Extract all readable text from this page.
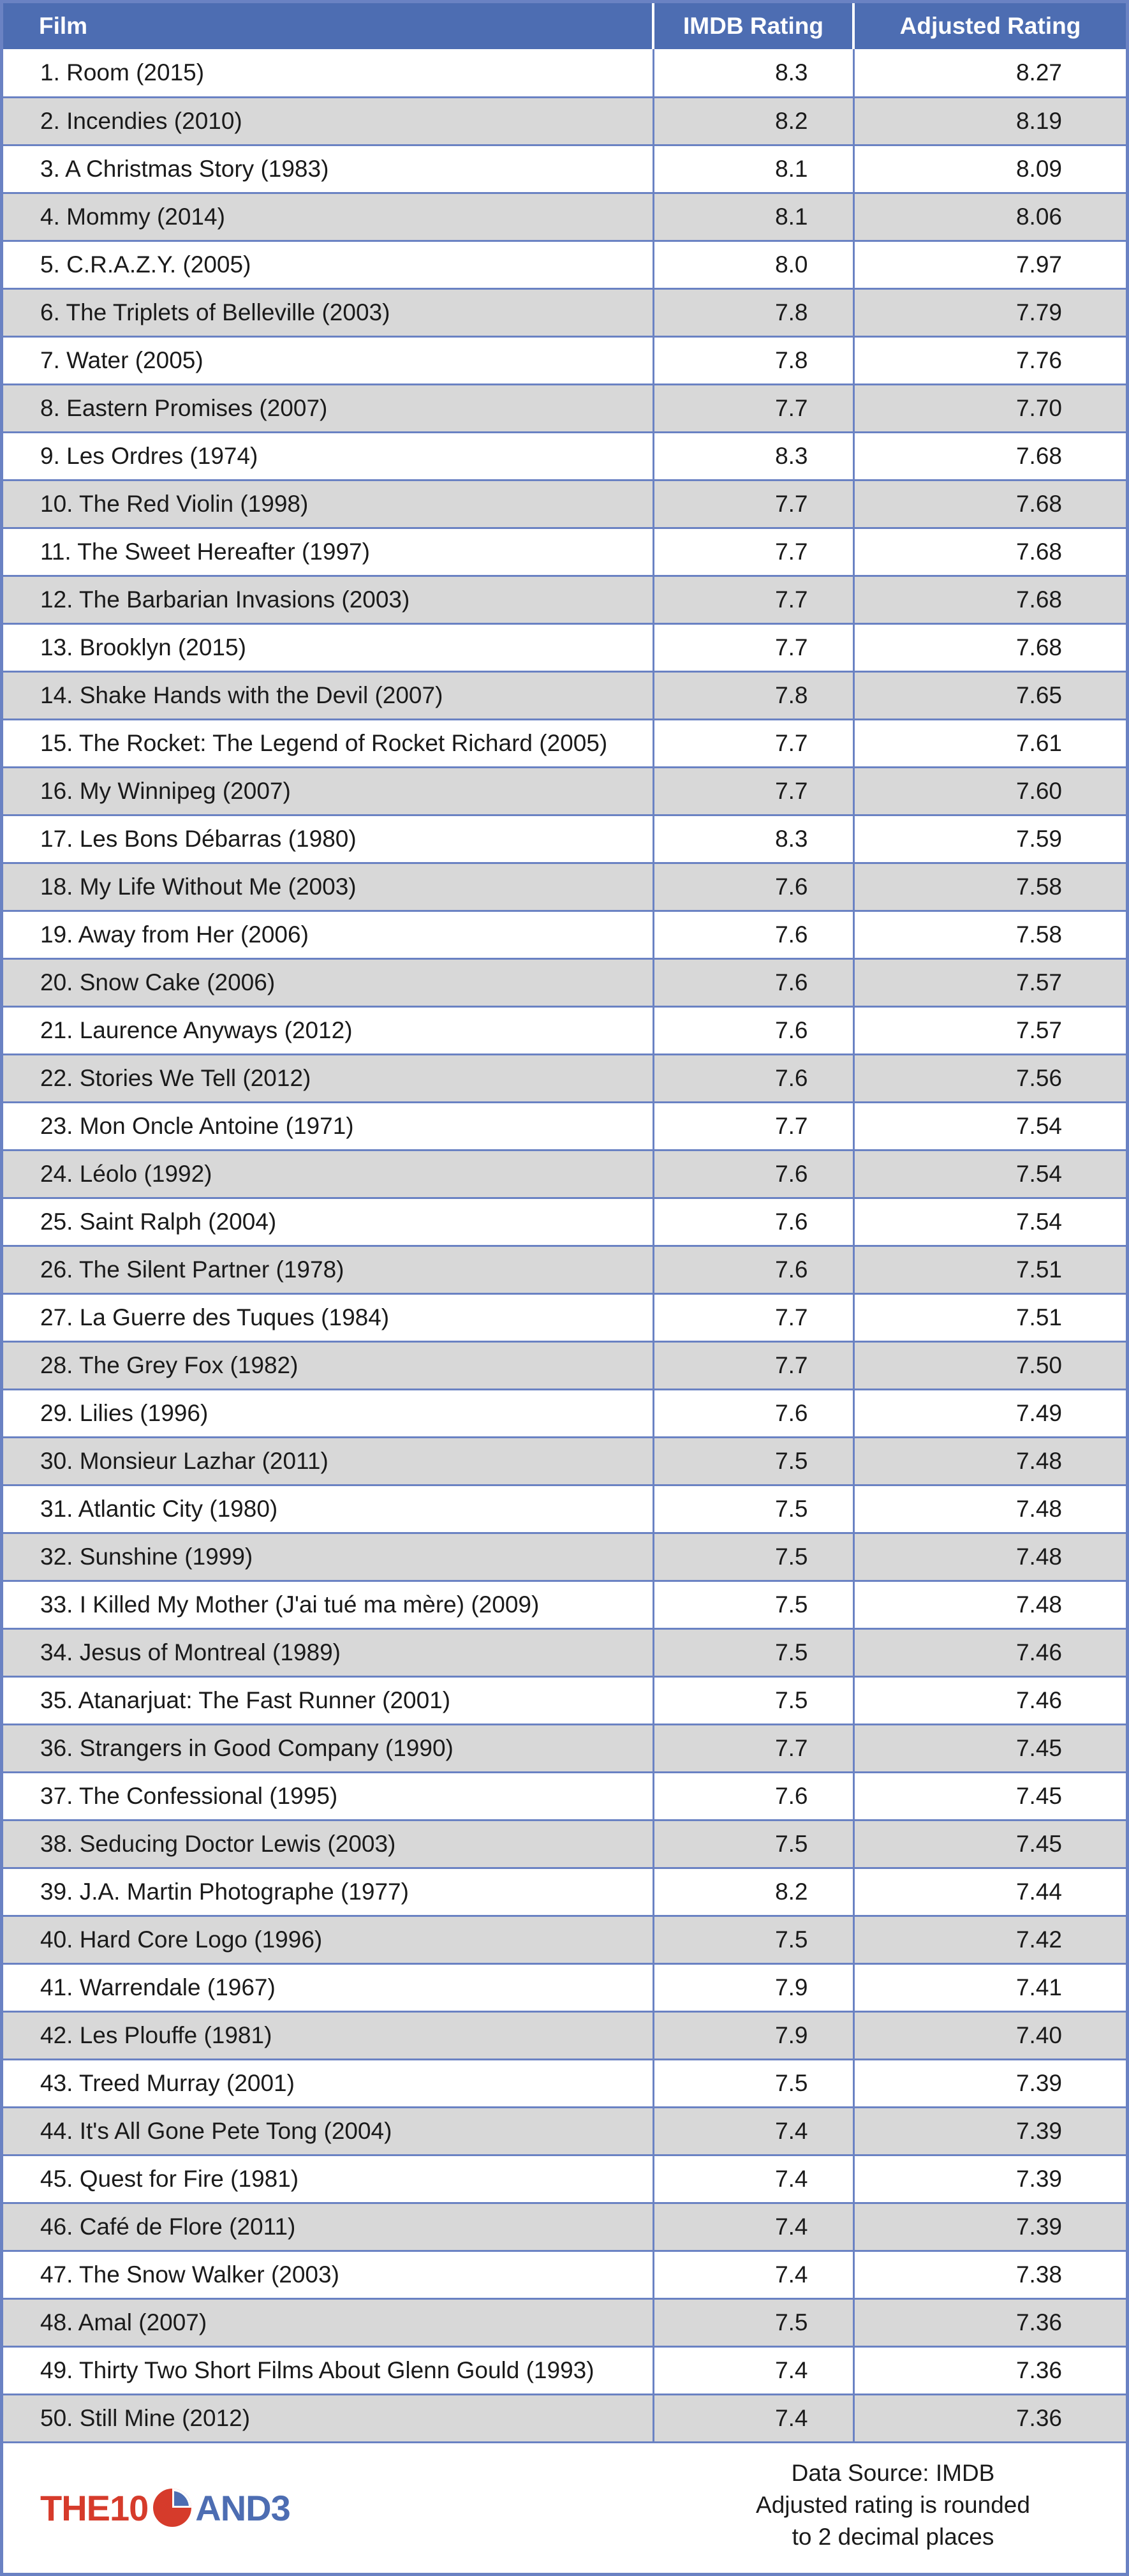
Film	IMDB Rating	Adjusted Rating
1. Room (2015)	8.3	8.27
2. Incendies (2010)	8.2	8.19
3. A Christmas Story (1983)	8.1	8.09
4. Mommy (2014)	8.1	8.06
5. C.R.A.Z.Y. (2005)	8.0	7.97
6. The Triplets of Belleville (2003)	7.8	7.79
7. Water (2005)	7.8	7.76
8. Eastern Promises (2007)	7.7	7.70
9. Les Ordres (1974)	8.3	7.68
10. The Red Violin (1998)	7.7	7.68
11. The Sweet Hereafter (1997)	7.7	7.68
12. The Barbarian Invasions (2003)	7.7	7.68
13. Brooklyn (2015)	7.7	7.68
14. Shake Hands with the Devil (2007)	7.8	7.65
15. The Rocket: The Legend of Rocket Richard (2005)	7.7	7.61
16. My Winnipeg (2007)	7.7	7.60
17. Les Bons Débarras (1980)	8.3	7.59
18. My Life Without Me (2003)	7.6	7.58
19. Away from Her (2006)	7.6	7.58
20. Snow Cake (2006)	7.6	7.57
21. Laurence Anyways (2012)	7.6	7.57
22. Stories We Tell (2012)	7.6	7.56
23. Mon Oncle Antoine (1971)	7.7	7.54
24. Léolo (1992)	7.6	7.54
25. Saint Ralph (2004)	7.6	7.54
26. The Silent Partner (1978)	7.6	7.51
27. La Guerre des Tuques (1984)	7.7	7.51
28. The Grey Fox (1982)	7.7	7.50
29. Lilies (1996)	7.6	7.49
30. Monsieur Lazhar (2011)	7.5	7.48
31. Atlantic City (1980)	7.5	7.48
32. Sunshine (1999)	7.5	7.48
33. I Killed My Mother (J'ai tué ma mère) (2009)	7.5	7.48
34. Jesus of Montreal (1989)	7.5	7.46
35. Atanarjuat: The Fast Runner (2001)	7.5	7.46
36. Strangers in Good Company (1990)	7.7	7.45
37. The Confessional (1995)	7.6	7.45
38. Seducing Doctor Lewis (2003)	7.5	7.45
39. J.A. Martin Photographe (1977)	8.2	7.44
40. Hard Core Logo (1996)	7.5	7.42
41. Warrendale (1967)	7.9	7.41
42. Les Plouffe (1981)	7.9	7.40
43. Treed Murray (2001)	7.5	7.39
44. It's All Gone Pete Tong (2004)	7.4	7.39
45. Quest for Fire (1981)	7.4	7.39
46. Café de Flore (2011)	7.4	7.39
47. The Snow Walker (2003)	7.4	7.38
48. Amal (2007)	7.5	7.36
49. Thirty Two Short Films About Glenn Gould (1993)	7.4	7.36
50. Still Mine (2012)	7.4	7.36
THE10 AND3
Data Source: IMDB
Adjusted rating is rounded
to 2 decimal places
